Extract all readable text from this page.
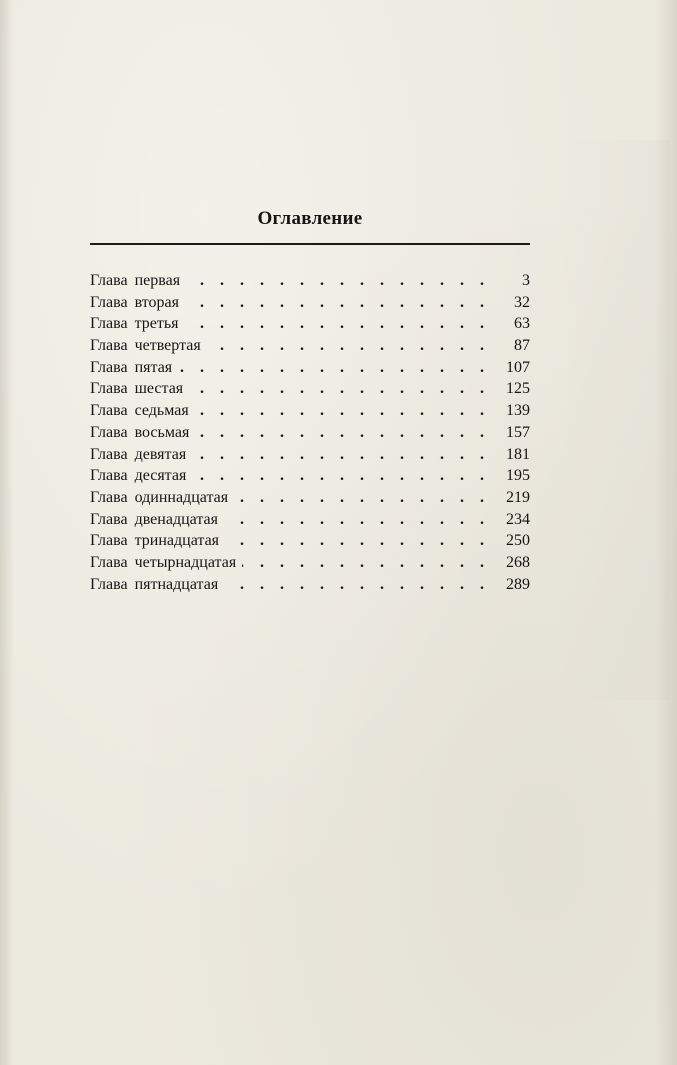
Оглавление
Глава первая . . .	3
Глава вторая . . .	32
Глава третья . . .	63
Глава четвертая . . .	87
Глава пятая . . .	107
Глава шестая . . .	125
Глава седьмая . . .	139
Глава восьмая . . .	157
Глава девятая . . .	181
Глава десятая . . .	195
Глава одиннадцатая . . .	219
Глава двенадцатая . . .	234
Глава тринадцатая . . .	250
Глава четырнадцатая . . .	268
Глава пятнадцатая . . .	289
